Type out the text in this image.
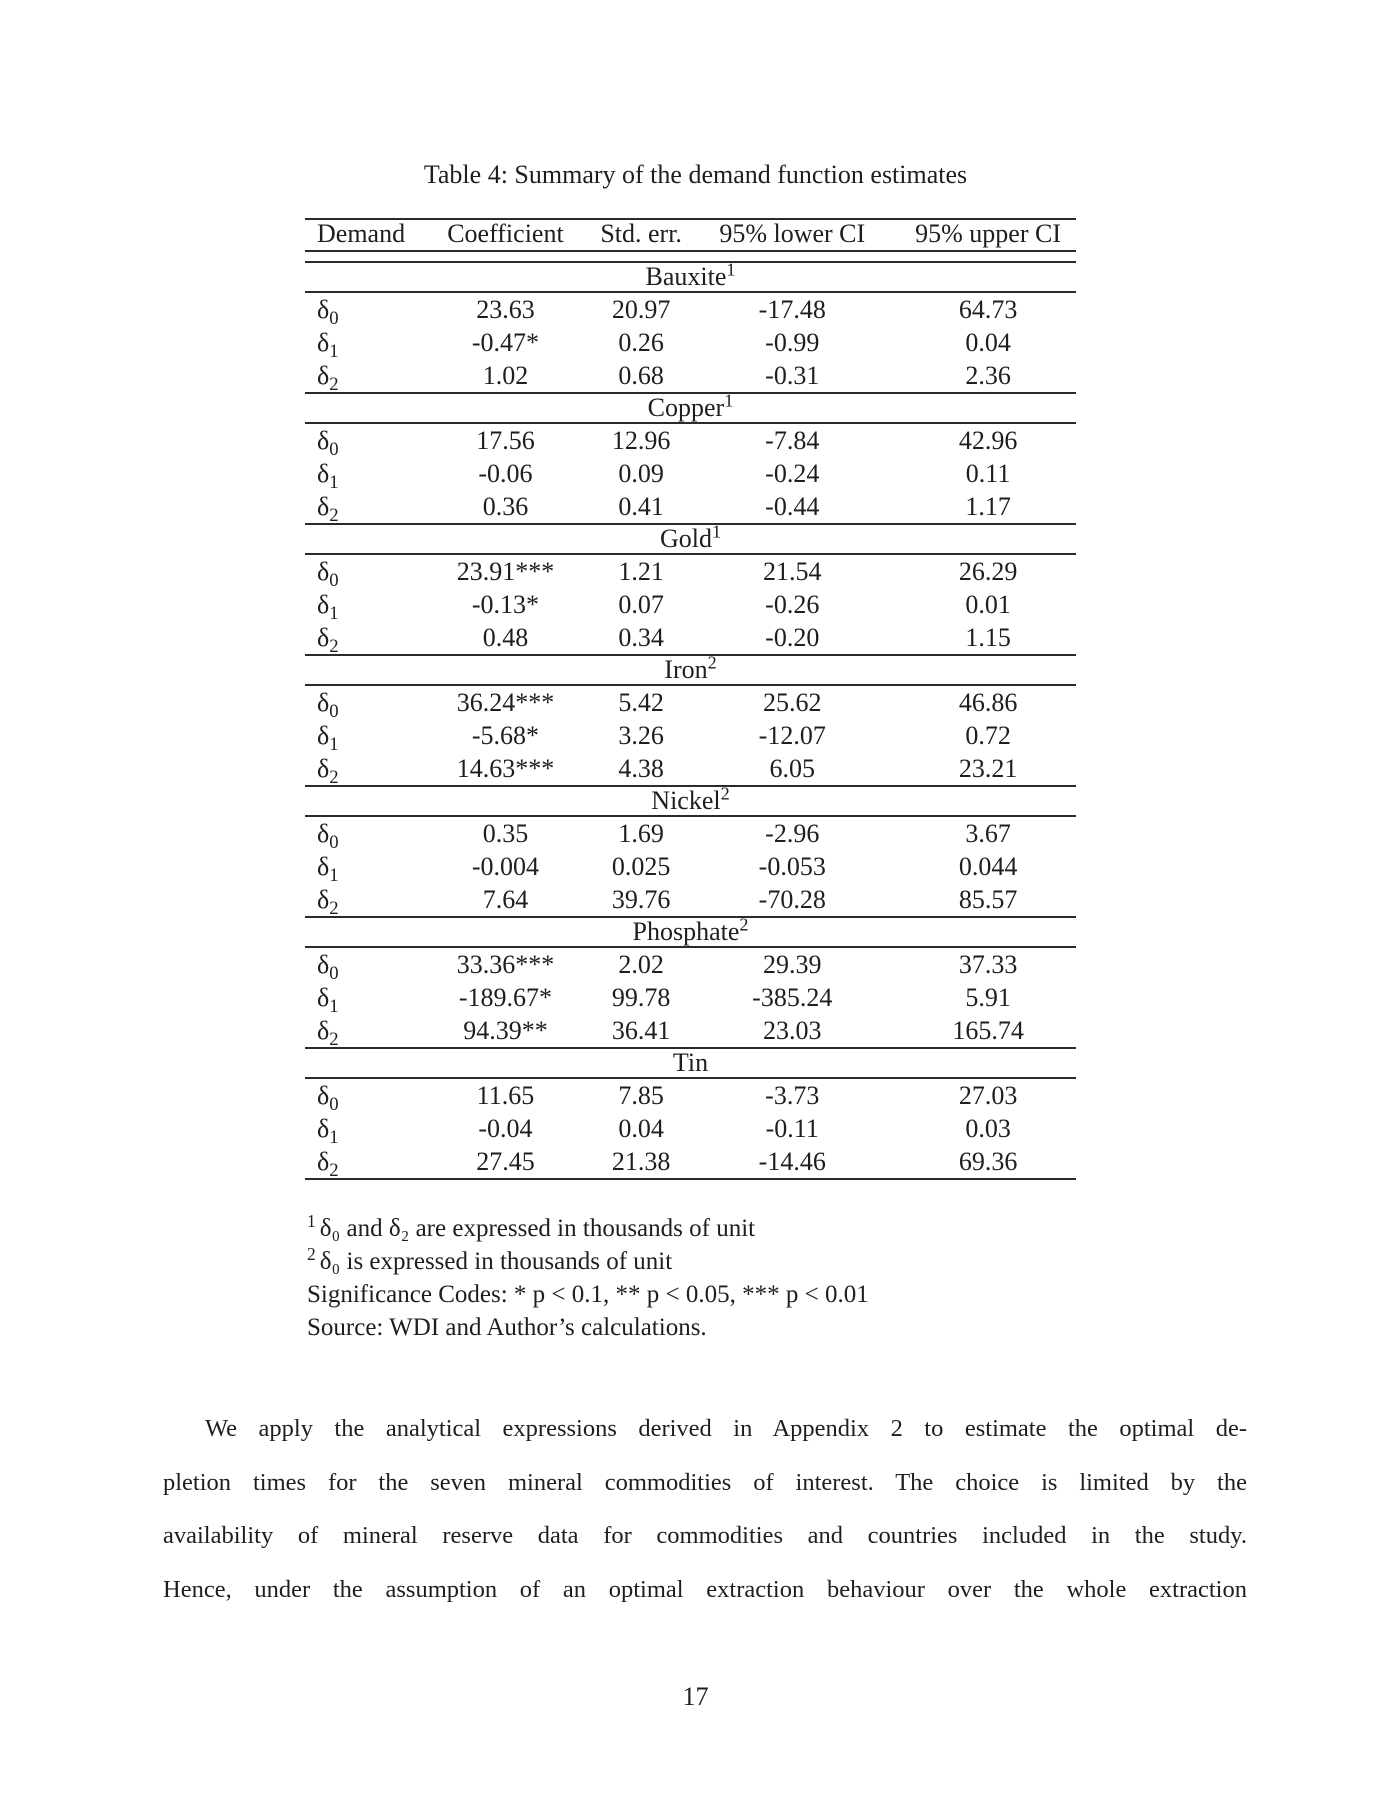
Table 4: Summary of the demand function estimates
Demand	Coefficient	Std. err.	95% lower CI	95% upper CI
Bauxite$^1$
$\delta_0$	23.63	20.97	-17.48	64.73
$\delta_1$	-0.47*	0.26	-0.99	0.04
$\delta_2$	1.02	0.68	-0.31	2.36
Copper$^1$
$\delta_0$	17.56	12.96	-7.84	42.96
$\delta_1$	-0.06	0.09	-0.24	0.11
$\delta_2$	0.36	0.41	-0.44	1.17
Gold$^1$
$\delta_0$	23.91***	1.21	21.54	26.29
$\delta_1$	-0.13*	0.07	-0.26	0.01
$\delta_2$	0.48	0.34	-0.20	1.15
Iron$^2$
$\delta_0$	36.24***	5.42	25.62	46.86
$\delta_1$	-5.68*	3.26	-12.07	0.72
$\delta_2$	14.63***	4.38	6.05	23.21
Nickel$^2$
$\delta_0$	0.35	1.69	-2.96	3.67
$\delta_1$	-0.004	0.025	-0.053	0.044
$\delta_2$	7.64	39.76	-70.28	85.57
Phosphate$^2$
$\delta_0$	33.36***	2.02	29.39	37.33
$\delta_1$	-189.67*	99.78	-385.24	5.91
$\delta_2$	94.39**	36.41	23.03	165.74
Tin
$\delta_0$	11.65	7.85	-3.73	27.03
$\delta_1$	-0.04	0.04	-0.11	0.03
$\delta_2$	27.45	21.38	-14.46	69.36
$^1$ δ₀ and δ₂ are expressed in thousands of unit
$^2$ δ₀ is expressed in thousands of unit
Significance Codes: * p < 0.1, ** p < 0.05, *** p < 0.01
Source: WDI and Author’s calculations.
We apply the analytical expressions derived in Appendix 2 to estimate the optimal de-
pletion times for the seven mineral commodities of interest. The choice is limited by the
availability of mineral reserve data for commodities and countries included in the study.
Hence, under the assumption of an optimal extraction behaviour over the whole extraction
17
